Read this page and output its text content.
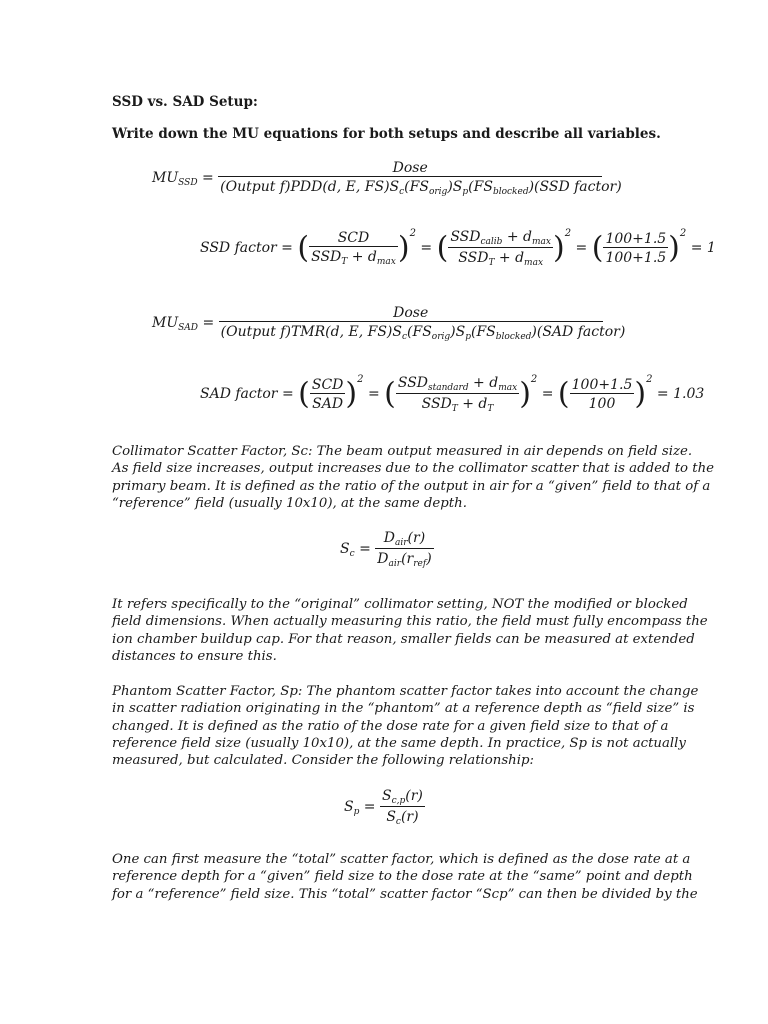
SSD vs. SAD Setup:
Write down the MU equations for both setups and describe all variables.
$MU_{SSD} = \frac{\text{Dose}}{(Output f)PDD(d, E, FS)S_c(FS_{orig})S_p(FS_{blocked})(SSD factor)}$
SSD factor = ( $\frac{\text{SCD}}{SSD_T + d_{max}} )^2$ = ( $\frac{SSD_{calib} + d_{max}}{SSD_T + d_{max}} )^2$ = ( $\frac{100+1.5}{100+1.5} )^2 = 1$
$MU_{SAD} = \frac{\text{Dose}}{(Output f)TMR(d, E, FS)S_c(FS_{orig})S_p(FS_{blocked})(SAD factor)}$
SAD factor = ( $\frac{\text{SCD}}{\text{SAD}} )^2$ = ( $\frac{SSD_{standard} + d_{max}}{SSD_T + d_T} )^2$ = ( $\frac{100+1.5}{100} )^2 = 1.03$
Collimator Scatter Factor, Sc: The beam output measured in air depends on field size.
As field size increases, output increases due to the collimator scatter that is added to the
primary beam. It is defined as the ratio of the output in air for a “given” field to that of a
“reference” field (usually 10x10), at the same depth.
$S_c = \frac{D_{air}(r)}{D_{air}(r_{ref})}$
It refers specifically to the “original” collimator setting, NOT the modified or blocked
field dimensions. When actually measuring this ratio, the field must fully encompass the
ion chamber buildup cap. For that reason, smaller fields can be measured at extended
distances to ensure this.
Phantom Scatter Factor, Sp: The phantom scatter factor takes into account the change
in scatter radiation originating in the “phantom” at a reference depth as “field size” is
changed. It is defined as the ratio of the dose rate for a given field size to that of a
reference field size (usually 10x10), at the same depth. In practice, Sp is not actually
measured, but calculated. Consider the following relationship:
$S_p = \frac{S_{c,p}(r)}{S_c(r)}$
One can first measure the “total” scatter factor, which is defined as the dose rate at a
reference depth for a “given” field size to the dose rate at the “same” point and depth
for a “reference” field size. This “total” scatter factor “Scp” can then be divided by the
